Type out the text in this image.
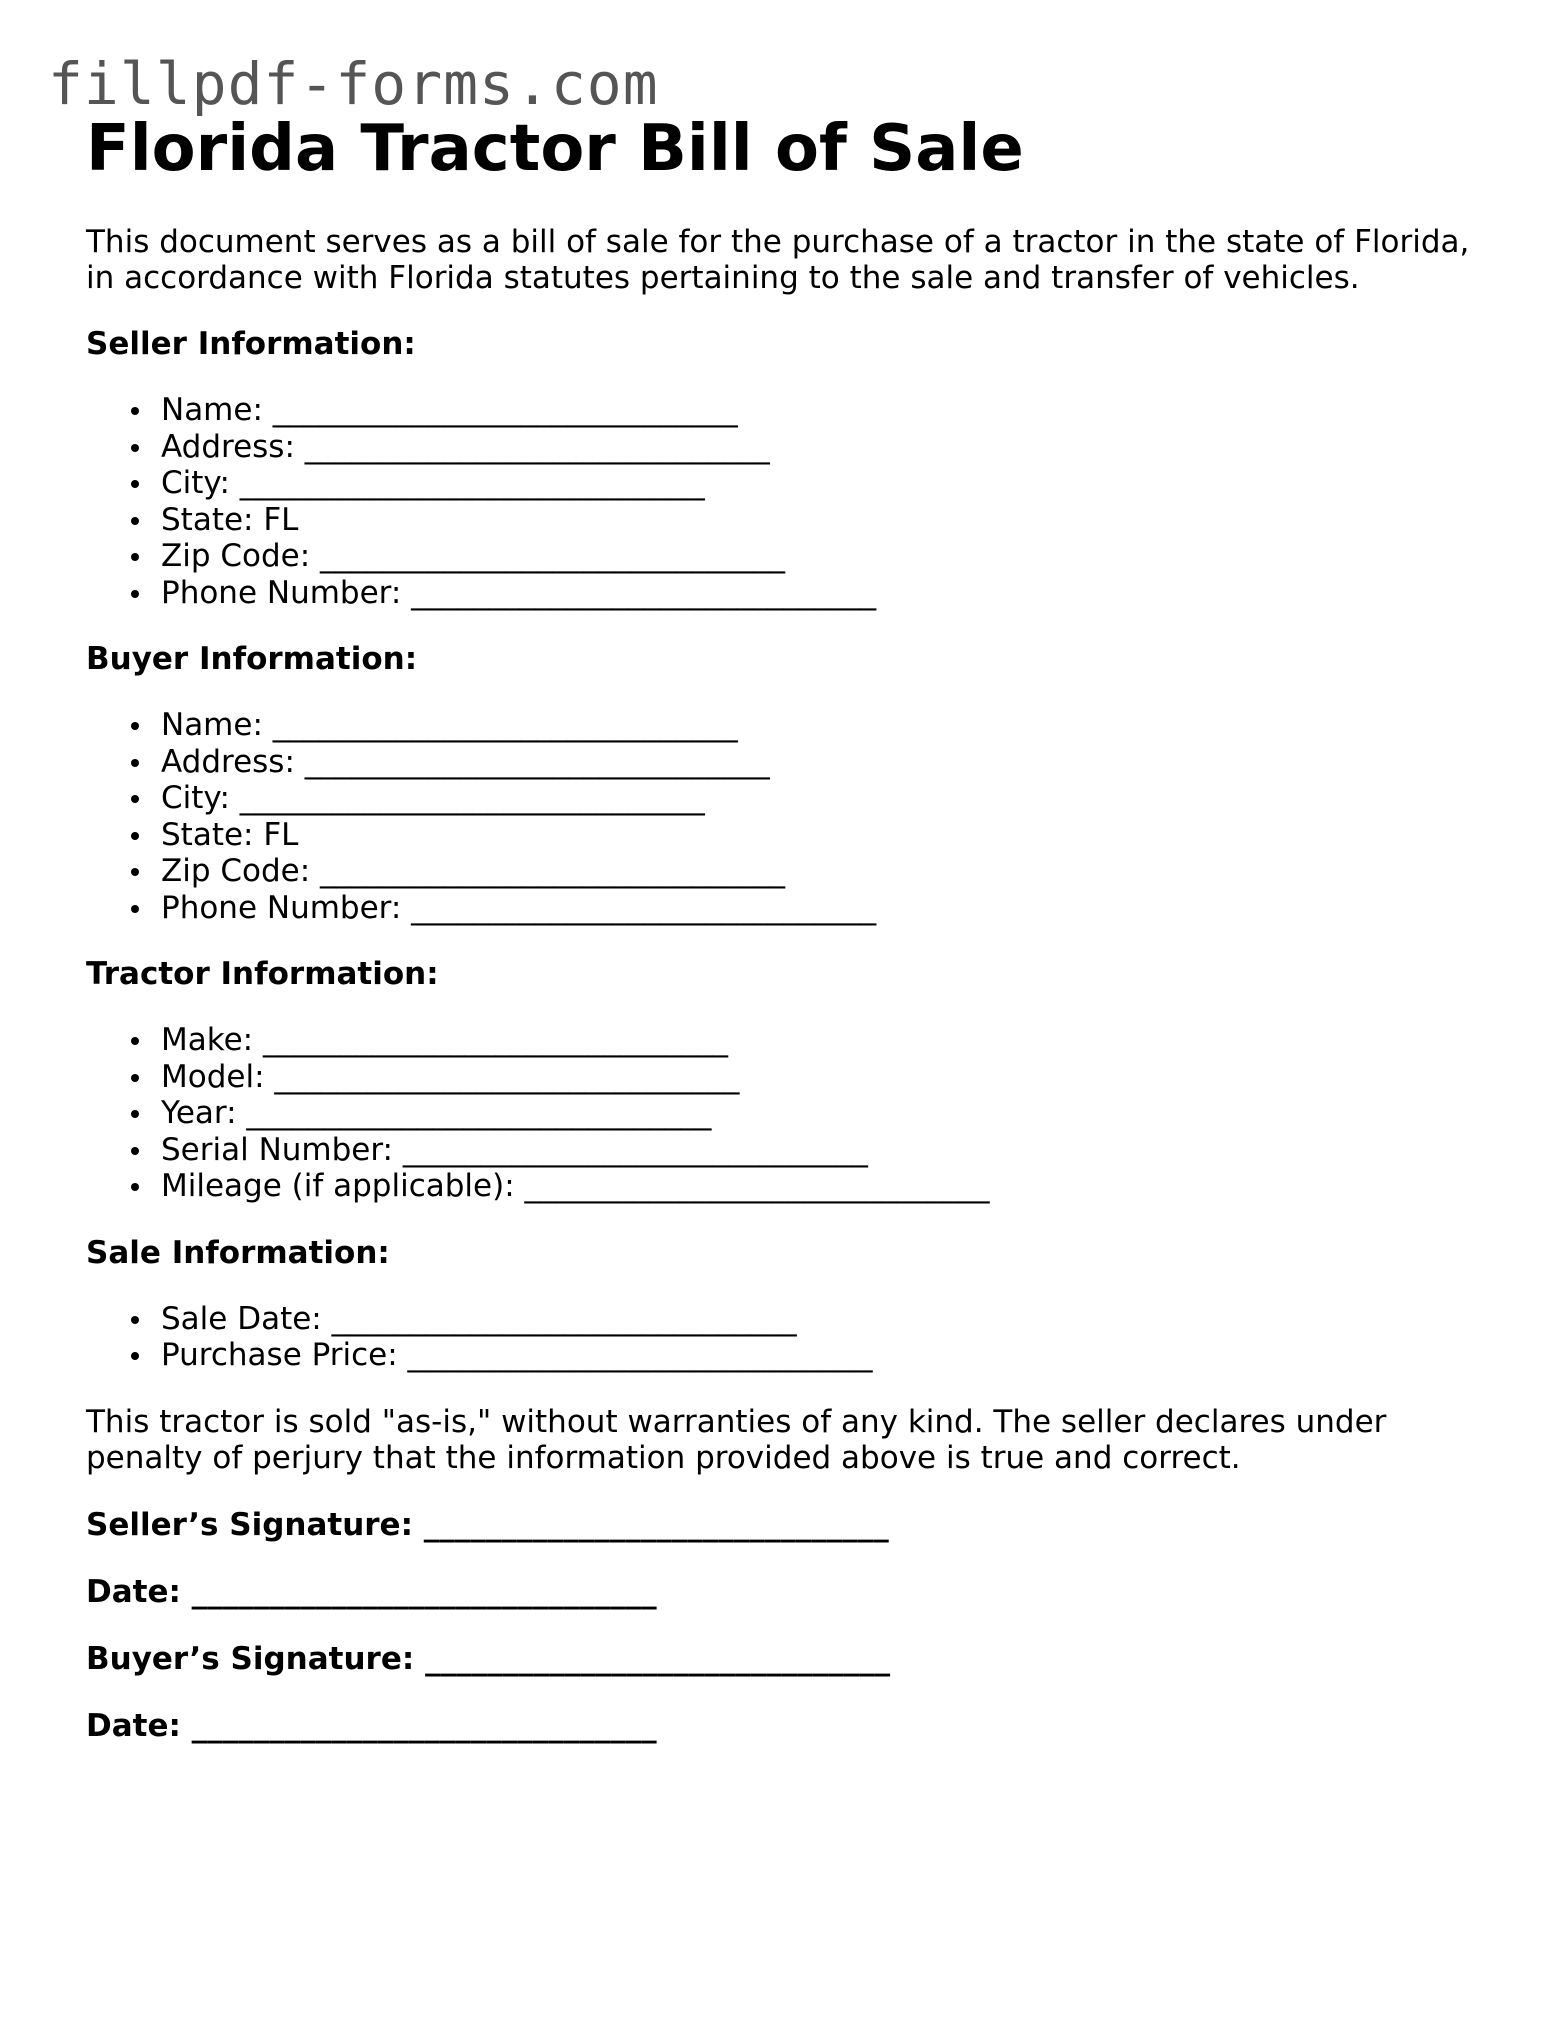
fillpdf-forms.com
Florida Tractor Bill of Sale

This document serves as a bill of sale for the purchase of a tractor in the state of Florida, in accordance with Florida statutes pertaining to the sale and transfer of vehicles.

Seller Information:

Name: ______________________________
Address: ______________________________
City: ______________________________
State: FL
Zip Code: ______________________________
Phone Number: ______________________________

Buyer Information:

Name: ______________________________
Address: ______________________________
City: ______________________________
State: FL
Zip Code: ______________________________
Phone Number: ______________________________

Tractor Information:

Make: ______________________________
Model: ______________________________
Year: ______________________________
Serial Number: ______________________________
Mileage (if applicable): ______________________________

Sale Information:

Sale Date: ______________________________
Purchase Price: ______________________________

This tractor is sold "as-is," without warranties of any kind. The seller declares under penalty of perjury that the information provided above is true and correct.

Seller’s Signature: ______________________________

Date: ______________________________

Buyer’s Signature: ______________________________

Date: ______________________________
